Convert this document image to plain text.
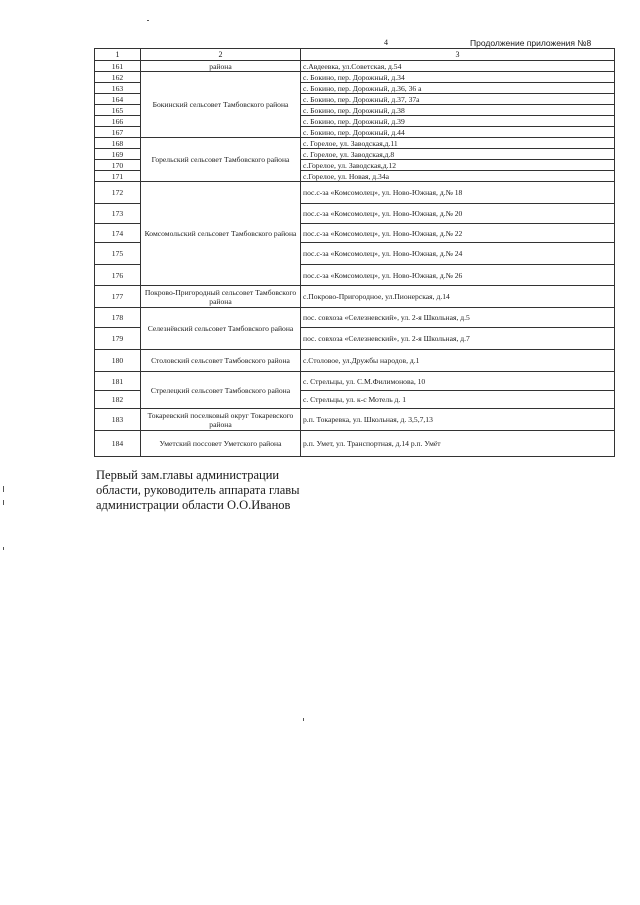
4	Продолжение приложения №8
1	2	3
161	района	с.Авдеевка, ул.Советская, д.54
162	Бокинский сельсовет Тамбовского района	с. Бокино, пер. Дорожный, д.34
163		с. Бокино, пер. Дорожный, д.36, 36 а
164		с. Бокино, пер. Дорожный, д.37, 37а
165		с. Бокино, пер. Дорожный, д.38
166		с. Бокино, пер. Дорожный, д.39
167		с. Бокино, пер. Дорожный, д.44
168	Горельский сельсовет Тамбовского района	с. Горелое, ул. Заводская,д.11
169		с. Горелое, ул. Заводская,д.8
170		с.Горелое, ул. Заводская,д.12
171		с.Горелое, ул. Новая, д.34а
172	Комсомольский сельсовет Тамбовского района	пос.с-за «Комсомолец», ул. Ново-Южная, д.№ 18
173		пос.с-за «Комсомолец», ул. Ново-Южная, д.№ 20
174		пос.с-за «Комсомолец», ул. Ново-Южная, д.№ 22
175		пос.с-за «Комсомолец», ул. Ново-Южная, д.№ 24
176		пос.с-за «Комсомолец», ул. Ново-Южная, д.№ 26
177	Покрово-Пригородный сельсовет Тамбовского района	с.Покрово-Пригородное, ул.Пионерская, д.14
178	Селезнёвский сельсовет Тамбовского района	пос. совхоза «Селезневский», ул. 2-я Школьная, д.5
179		пос. совхоза «Селезневский», ул. 2-я Школьная, д.7
180	Столовский сельсовет Тамбовского района	с.Столовое, ул.Дружбы народов, д.1
181	Стрелецкий сельсовет Тамбовского района	с. Стрельцы, ул. С.М.Филимонова, 10
182		с. Стрельцы, ул. к-с Мотель д. 1
183	Токаревский поселковый округ Токаревского района	р.п. Токаревка, ул. Школьная, д. 3,5,7,13
184	Уметский поссовет Уметского района	р.п. Умет, ул. Транспортная, д.14 р.п. Умёт
Первый зам.главы администрации
области, руководитель аппарата главы
администрации области О.О.Иванов
